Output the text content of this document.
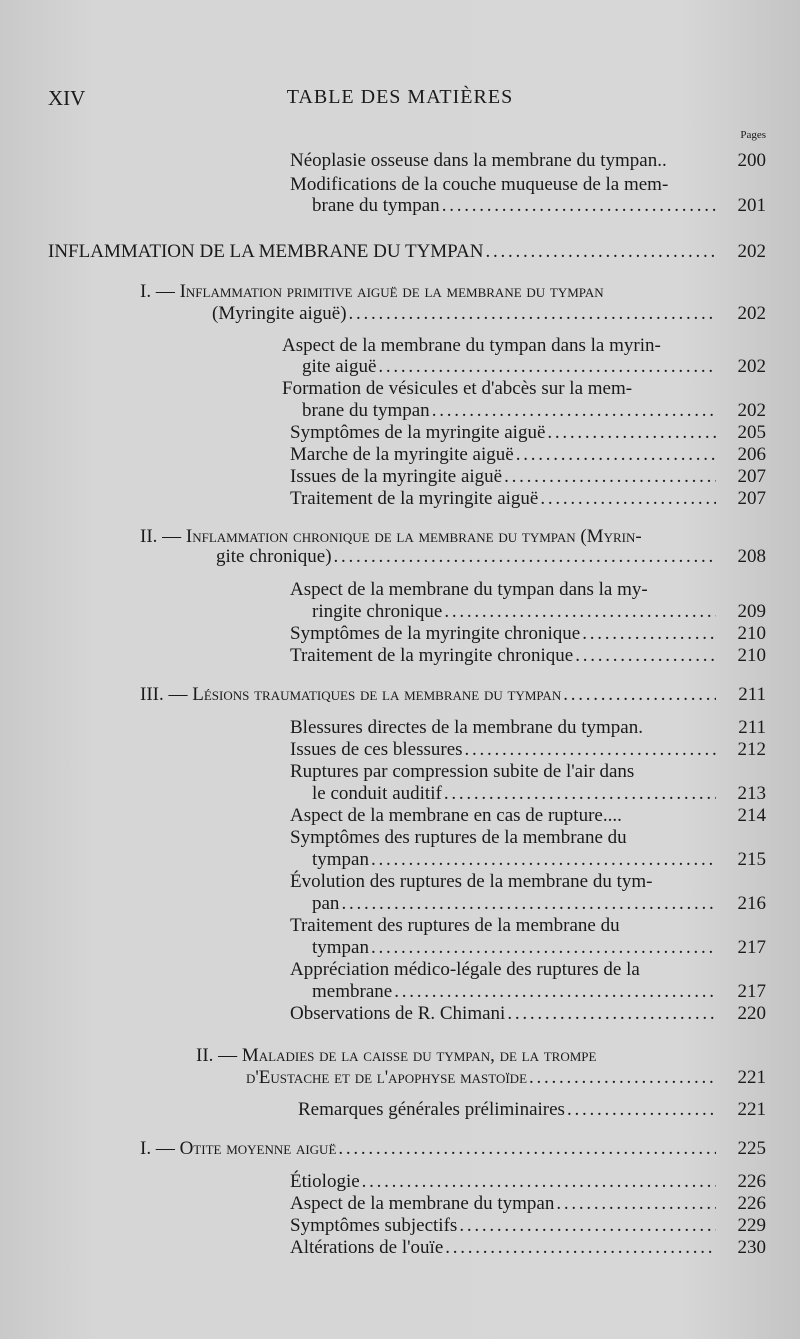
XIV	TABLE DES MATIÈRES
Pages
Néoplasie osseuse dans la membrane du tympan..	200
Modifications de la couche muqueuse de la mem-
brane du tympan . . .	201
INFLAMMATION DE LA MEMBRANE DU TYMPAN . . .	202
I. — Inflammation primitive aiguë de la membrane du tympan
(Myringite aiguë) . . .	202
Aspect de la membrane du tympan dans la myrin-
gite aiguë . . .	202
Formation de vésicules et d'abcès sur la mem-
brane du tympan . . .	202
Symptômes de la myringite aiguë . . .	205
Marche de la myringite aiguë . . .	206
Issues de la myringite aiguë . . .	207
Traitement de la myringite aiguë . . .	207
II. — Inflammation chronique de la membrane du tympan (Myrin-
gite chronique) . . .	208
Aspect de la membrane du tympan dans la my-
ringite chronique . . .	209
Symptômes de la myringite chronique . . .	210
Traitement de la myringite chronique . . .	210
III. — Lésions traumatiques de la membrane du tympan . . .	211
Blessures directes de la membrane du tympan.	211
Issues de ces blessures . . .	212
Ruptures par compression subite de l'air dans
le conduit auditif . . .	213
Aspect de la membrane en cas de rupture....	214
Symptômes des ruptures de la membrane du
tympan . . .	215
Évolution des ruptures de la membrane du tym-
pan . . .	216
Traitement des ruptures de la membrane du
tympan . . .	217
Appréciation médico-légale des ruptures de la
membrane . . .	217
Observations de R. Chimani . . .	220
II. — Maladies de la caisse du tympan, de la trompe
d'Eustache et de l'apophyse mastoïde . . .	221
Remarques générales préliminaires . . .	221
I. — Otite moyenne aiguë . . .	225
Étiologie . . .	226
Aspect de la membrane du tympan . . .	226
Symptômes subjectifs . . .	229
Altérations de l'ouïe . . .	230
